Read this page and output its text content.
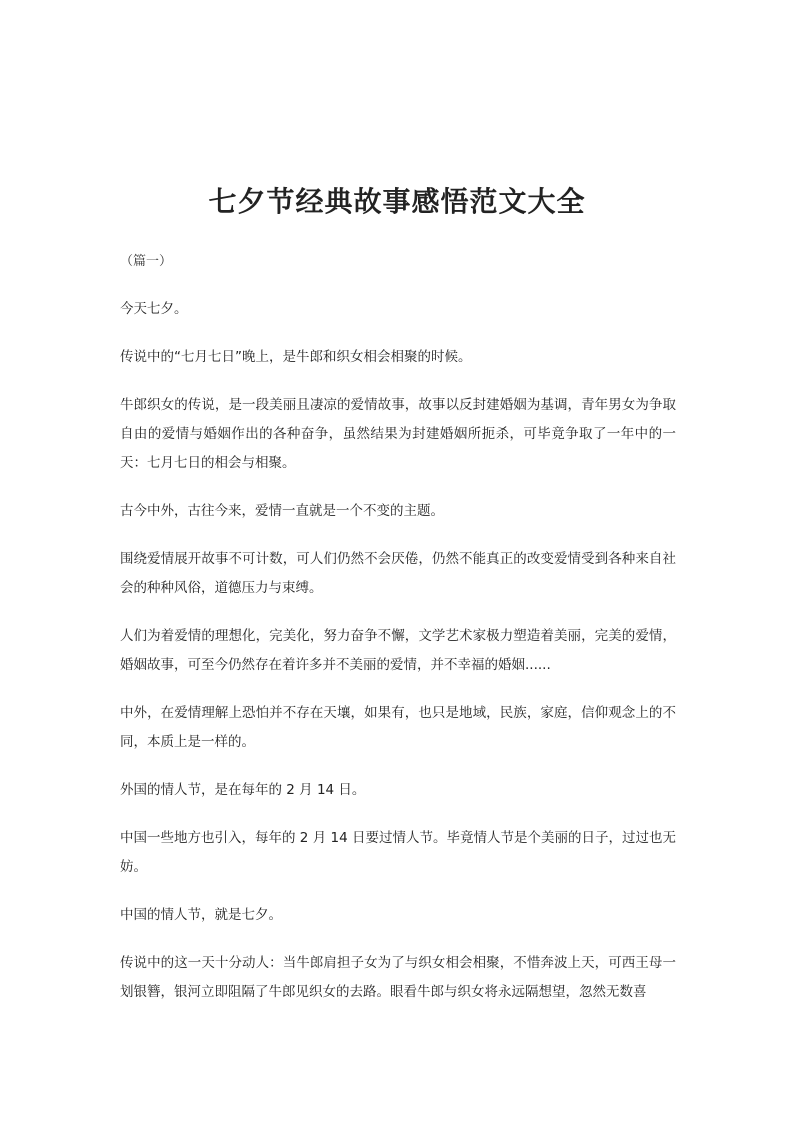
七夕节经典故事感悟范文大全

（篇一）

今天七夕。

传说中的“七月七日”晚上，是牛郎和织女相会相聚的时候。

牛郎织女的传说，是一段美丽且凄凉的爱情故事，故事以反封建婚姻为基调，青年男女为争取自由的爱情与婚姻作出的各种奋争，虽然结果为封建婚姻所扼杀，可毕竟争取了一年中的一天：七月七日的相会与相聚。

古今中外，古往今来，爱情一直就是一个不变的主题。

围绕爱情展开故事不可计数，可人们仍然不会厌倦，仍然不能真正的改变爱情受到各种来自社会的种种风俗，道德压力与束缚。

人们为着爱情的理想化，完美化，努力奋争不懈，文学艺术家极力塑造着美丽，完美的爱情，婚姻故事，可至今仍然存在着许多并不美丽的爱情，并不幸福的婚姻......

中外，在爱情理解上恐怕并不存在天壤，如果有，也只是地域，民族，家庭，信仰观念上的不同，本质上是一样的。

外国的情人节，是在每年的 2 月 14 日。

中国一些地方也引入，每年的 2 月 14 日要过情人节。毕竟情人节是个美丽的日子，过过也无妨。

中国的情人节，就是七夕。

传说中的这一天十分动人：当牛郎肩担子女为了与织女相会相聚，不惜奔波上天，可西王母一划银簪，银河立即阻隔了牛郎见织女的去路。眼看牛郎与织女将永远隔想望，忽然无数喜
